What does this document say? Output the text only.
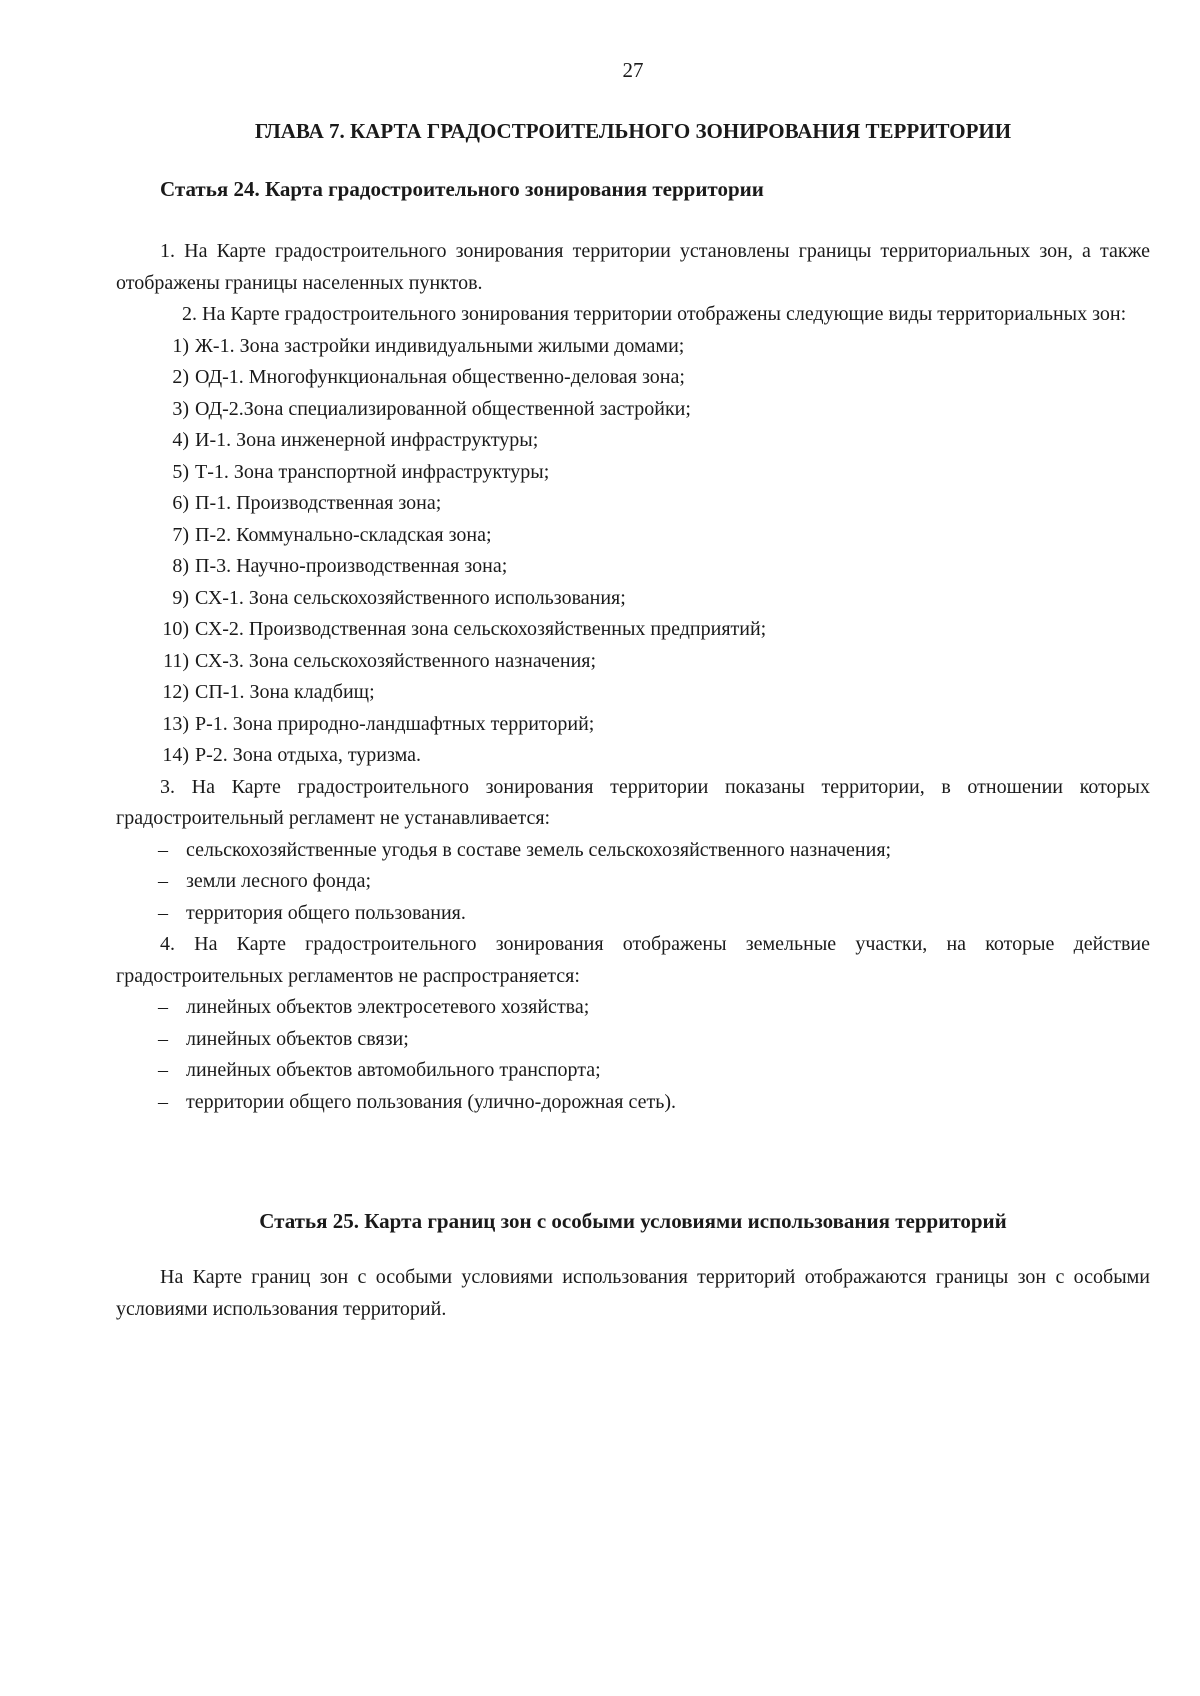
27
ГЛАВА 7. КАРТА ГРАДОСТРОИТЕЛЬНОГО ЗОНИРОВАНИЯ ТЕРРИТОРИИ
Статья 24. Карта градостроительного зонирования территории

1. На Карте градостроительного зонирования территории установлены границы территориальных зон, а также отображены границы населенных пунктов.

2. На Карте градостроительного зонирования территории отображены следующие виды территориальных зон:

1) Ж-1. Зона застройки индивидуальными жилыми домами;
2) ОД-1. Многофункциональная общественно-деловая зона;
3) ОД-2.Зона специализированной общественной застройки;
4) И-1. Зона инженерной инфраструктуры;
5) Т-1. Зона транспортной инфраструктуры;
6) П-1. Производственная зона;
7) П-2. Коммунально-складская зона;
8) П-3. Научно-производственная зона;
9) СХ-1. Зона сельскохозяйственного использования;
10) СХ-2. Производственная зона сельскохозяйственных предприятий;
11) СХ-3. Зона сельскохозяйственного назначения;
12) СП-1. Зона кладбищ;
13) Р-1. Зона природно-ландшафтных территорий;
14) Р-2. Зона отдыха, туризма.

3. На Карте градостроительного зонирования территории показаны территории, в отношении которых градостроительный регламент не устанавливается:

– сельскохозяйственные угодья в составе земель сельскохозяйственного назначения;
– земли лесного фонда;
– территория общего пользования.

4. На Карте градостроительного зонирования отображены земельные участки, на которые действие градостроительных регламентов не распространяется:

– линейных объектов электросетевого хозяйства;
– линейных объектов связи;
– линейных объектов автомобильного транспорта;
– территории общего пользования (улично-дорожная сеть).
Статья 25. Карта границ зон с особыми условиями использования территорий

На Карте границ зон с особыми условиями использования территорий отображаются границы зон с особыми условиями использования территорий.
